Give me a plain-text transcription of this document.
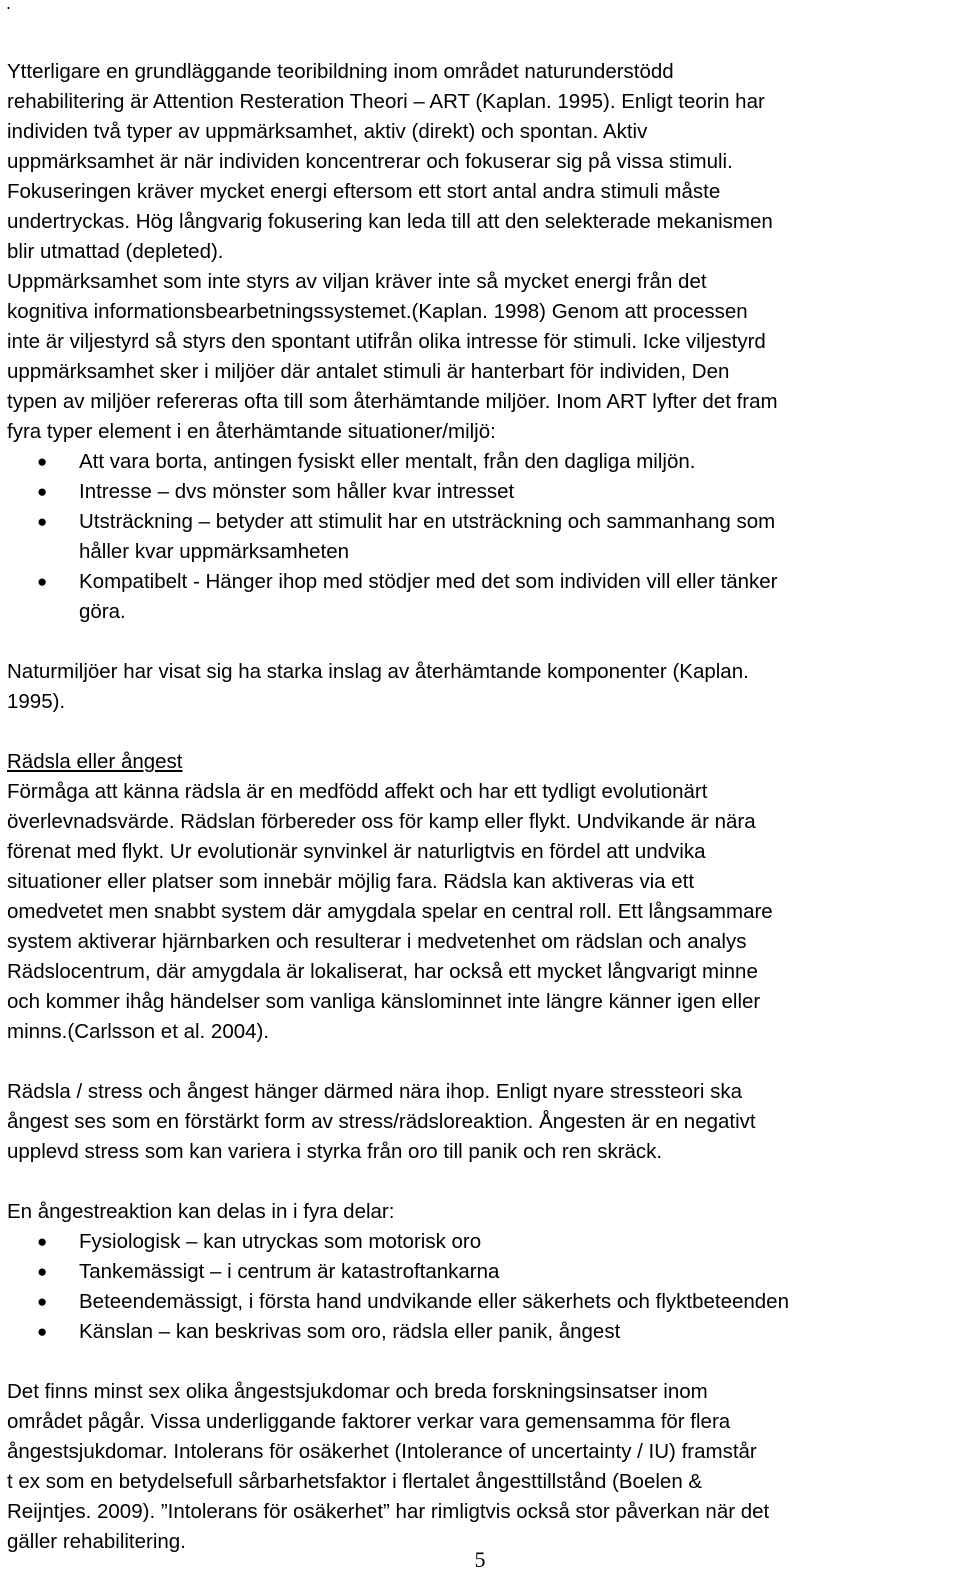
.

Ytterligare en grundläggande teoribildning inom området naturunderstödd
rehabilitering är Attention Resteration Theori – ART (Kaplan. 1995). Enligt teorin har
individen två typer av uppmärksamhet, aktiv (direkt) och spontan. Aktiv
uppmärksamhet är när individen koncentrerar och fokuserar sig på vissa stimuli.
Fokuseringen kräver mycket energi eftersom ett stort antal andra stimuli måste
undertryckas. Hög långvarig fokusering kan leda till att den selekterade mekanismen
blir utmattad (depleted).
Uppmärksamhet som inte styrs av viljan kräver inte så mycket energi från det
kognitiva informationsbearbetningssystemet.(Kaplan. 1998) Genom att processen
inte är viljestyrd så styrs den spontant utifrån olika intresse för stimuli. Icke viljestyrd
uppmärksamhet sker i miljöer där antalet stimuli är hanterbart för individen, Den
typen av miljöer refereras ofta till som återhämtande miljöer. Inom ART lyfter det fram
fyra typer element i en återhämtande situationer/miljö:

● Att vara borta, antingen fysiskt eller mentalt, från den dagliga miljön.
● Intresse – dvs mönster som håller kvar intresset
● Utsträckning – betyder att stimulit har en utsträckning och sammanhang som
håller kvar uppmärksamheten
● Kompatibelt - Hänger ihop med stödjer med det som individen vill eller tänker
göra.

Naturmiljöer har visat sig ha starka inslag av återhämtande komponenter (Kaplan.
1995).

Rädsla eller ångest

Förmåga att känna rädsla är en medfödd affekt och har ett tydligt evolutionärt
överlevnadsvärde. Rädslan förbereder oss för kamp eller flykt. Undvikande är nära
förenat med flykt. Ur evolutionär synvinkel är naturligtvis en fördel att undvika
situationer eller platser som innebär möjlig fara. Rädsla kan aktiveras via ett
omedvetet men snabbt system där amygdala spelar en central roll. Ett långsammare
system aktiverar hjärnbarken och resulterar i medvetenhet om rädslan och analys
Rädslocentrum, där amygdala är lokaliserat, har också ett mycket långvarigt minne
och kommer ihåg händelser som vanliga känslominnet inte längre känner igen eller
minns.(Carlsson et al. 2004).

Rädsla / stress och ångest hänger därmed nära ihop. Enligt nyare stressteori ska
ångest ses som en förstärkt form av stress/rädsloreaktion. Ångesten är en negativt
upplevd stress som kan variera i styrka från oro till panik och ren skräck.

En ångestreaktion kan delas in i fyra delar:

● Fysiologisk – kan utryckas som motorisk oro
● Tankemässigt – i centrum är katastroftankarna
● Beteendemässigt, i första hand undvikande eller säkerhets och flyktbeteenden
● Känslan – kan beskrivas som oro, rädsla eller panik, ångest

Det finns minst sex olika ångestsjukdomar och breda forskningsinsatser inom
området pågår. Vissa underliggande faktorer verkar vara gemensamma för flera
ångestsjukdomar. Intolerans för osäkerhet (Intolerance of uncertainty / IU) framstår
t ex som en betydelsefull sårbarhetsfaktor i flertalet ångesttillstånd (Boelen &
Reijntjes. 2009). ”Intolerans för osäkerhet” har rimligtvis också stor påverkan när det
gäller rehabilitering.

5
